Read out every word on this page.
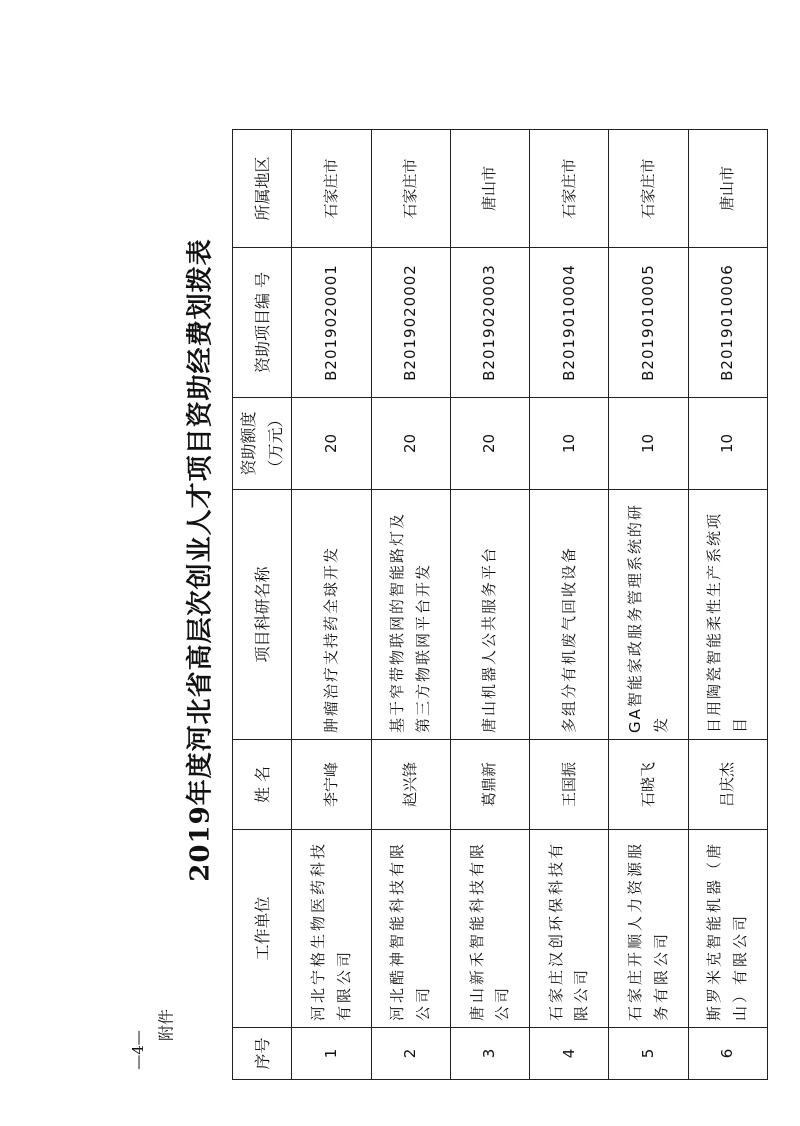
—4—
附件
2019年度河北省高层次创业人才项目资助经费划拨表
序号	工作单位	姓 名	项目科研名称	资助额度（万元）	资助项目编 号	所属地区
1	河北宁格生物医药科技有限公司	李宁峰	肿瘤治疗支持药全球开发	20	B2019020001	石家庄市
2	河北酷神智能科技有限公司	赵兴锋	基于窄带物联网的智能路灯及第三方物联网平台开发	20	B2019020002	石家庄市
3	唐山新禾智能科技有限公司	葛鼎新	唐山机器人公共服务平台	20	B2019020003	唐山市
4	石家庄汉创环保科技有限公司	王国振	多组分有机废气回收设备	10	B2019010004	石家庄市
5	石家庄开顺人力资源服务有限公司	石晓飞	GA智能家政服务管理系统的研发	10	B2019010005	石家庄市
6	斯罗米克智能机器（唐山）有限公司	吕庆杰	日用陶瓷智能柔性生产系统项目	10	B2019010006	唐山市
